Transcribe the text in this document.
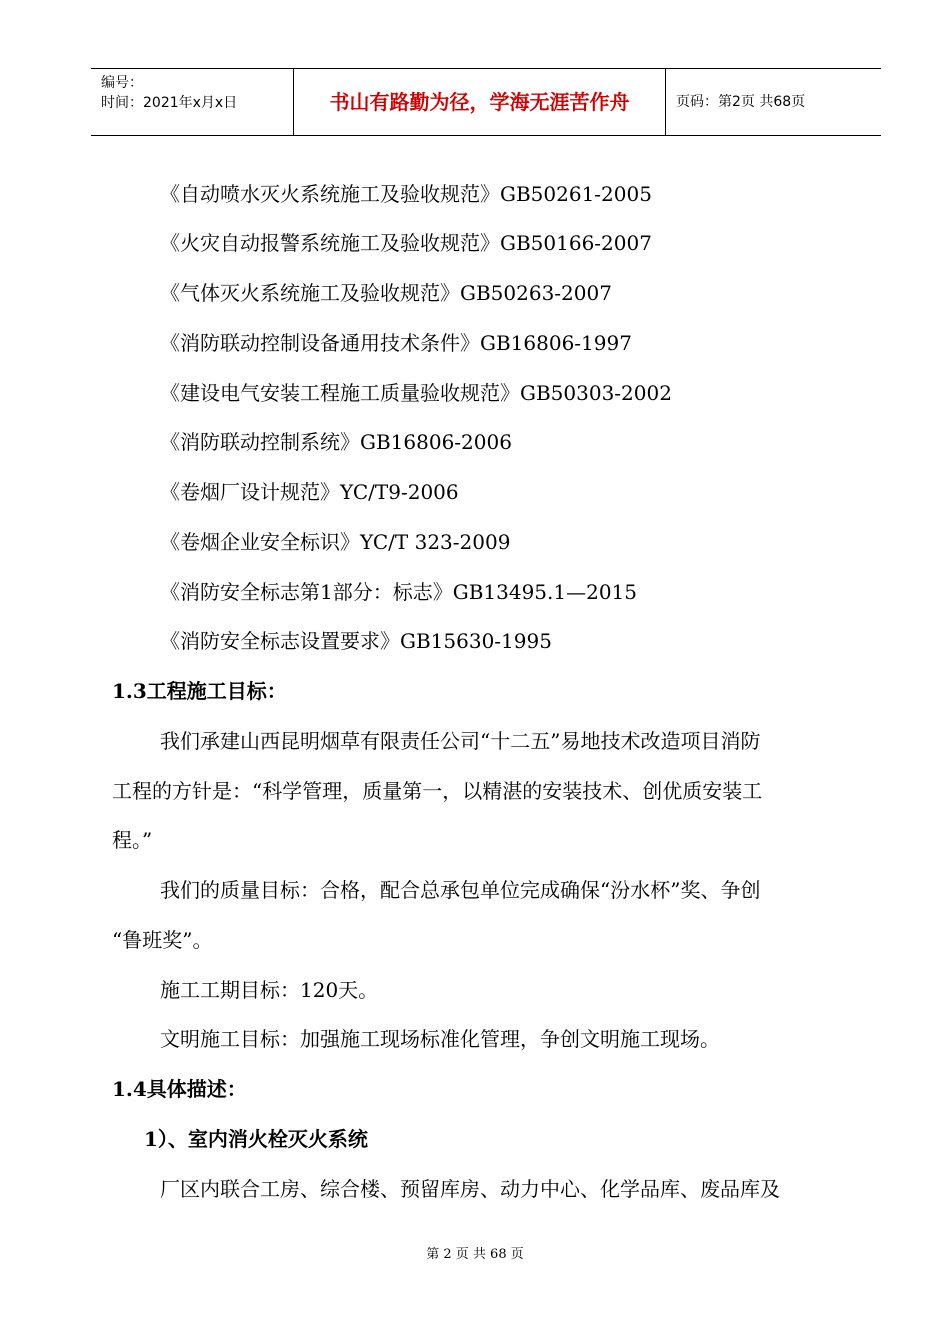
编号：
时间：2021年x月x日	书山有路勤为径，学海无涯苦作舟	页码：第2页 共68页
《自动喷水灭火系统施工及验收规范》GB50261-2005
《火灾自动报警系统施工及验收规范》GB50166-2007
《气体灭火系统施工及验收规范》GB50263-2007
《消防联动控制设备通用技术条件》GB16806-1997
《建设电气安装工程施工质量验收规范》GB50303-2002
《消防联动控制系统》GB16806-2006
《卷烟厂设计规范》YC/T9-2006
《卷烟企业安全标识》YC/T 323-2009
《消防安全标志第1部分：标志》GB13495.1—2015
《消防安全标志设置要求》GB15630-1995
1.3工程施工目标：
我们承建山西昆明烟草有限责任公司“十二五”易地技术改造项目消防
工程的方针是：“科学管理，质量第一，以精湛的安装技术、创优质安装工
程。”
我们的质量目标：合格，配合总承包单位完成确保“汾水杯”奖、争创
“鲁班奖”。
施工工期目标：120天。
文明施工目标：加强施工现场标准化管理，争创文明施工现场。
1.4具体描述：
1）、室内消火栓灭火系统
厂区内联合工房、综合楼、预留库房、动力中心、化学品库、废品库及
第 2 页 共 68 页
